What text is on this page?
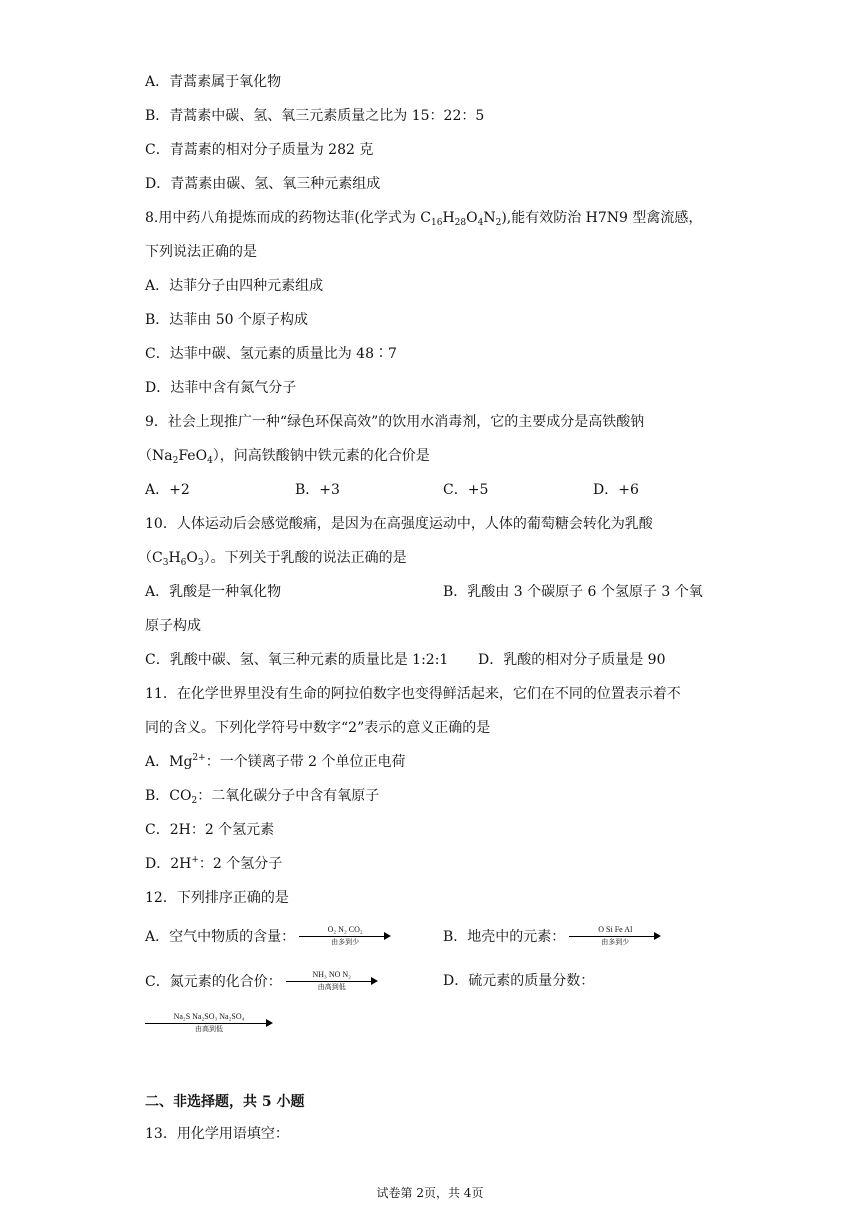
A．青蒿素属于氧化物
B．青蒿素中碳、氢、氧三元素质量之比为 15：22：5
C．青蒿素的相对分子质量为 282 克
D．青蒿素由碳、氢、氧三种元素组成
8.用中药八角提炼而成的药物达菲(化学式为 $C_{16}H_{28}O_4N_2$),能有效防治 H7N9 型禽流感，
下列说法正确的是
A．达菲分子由四种元素组成
B．达菲由 50 个原子构成
C．达菲中碳、氢元素的质量比为 48∶7
D．达菲中含有氮气分子
9．社会上现推广一种“绿色环保高效”的饮用水消毒剂，它的主要成分是高铁酸钠
$(Na_2FeO_4)$，问高铁酸钠中铁元素的化合价是
A．+2	B．+3	C．+5	D．+6
10．人体运动后会感觉酸痛，是因为在高强度运动中，人体的葡萄糖会转化为乳酸
$(C_3H_6O_3)$。下列关于乳酸的说法正确的是
A．乳酸是一种氧化物	B．乳酸由 3 个碳原子 6 个氢原子 3 个氧
原子构成
C．乳酸中碳、氢、氧三种元素的质量比是 1:2:1 D．乳酸的相对分子质量是 90
11．在化学世界里没有生命的阿拉伯数字也变得鲜活起来，它们在不同的位置表示着不
同的含义。下列化学符号中数字“2”表示的意义正确的是
A．$Mg^{2+}$：一个镁离子带 2 个单位正电荷
B．$CO_2$：二氧化碳分子中含有氧原子
C．2H：2 个氢元素
D．2H+：2 个氢分子
12．下列排序正确的是
A．空气中物质的含量：	O₂ N₂ CO₂
由多到少	B．地壳中的元素：	O Si Fe Al
由多到少
C．氮元素的化合价：	NH₃ NO N₂
由高到低	D．硫元素的质量分数：
Na₂S Na₂SO₃ Na₂SO₄
由高到低
二、非选择题，共 5 小题
13．用化学用语填空：
试卷第 2页，共 4页
